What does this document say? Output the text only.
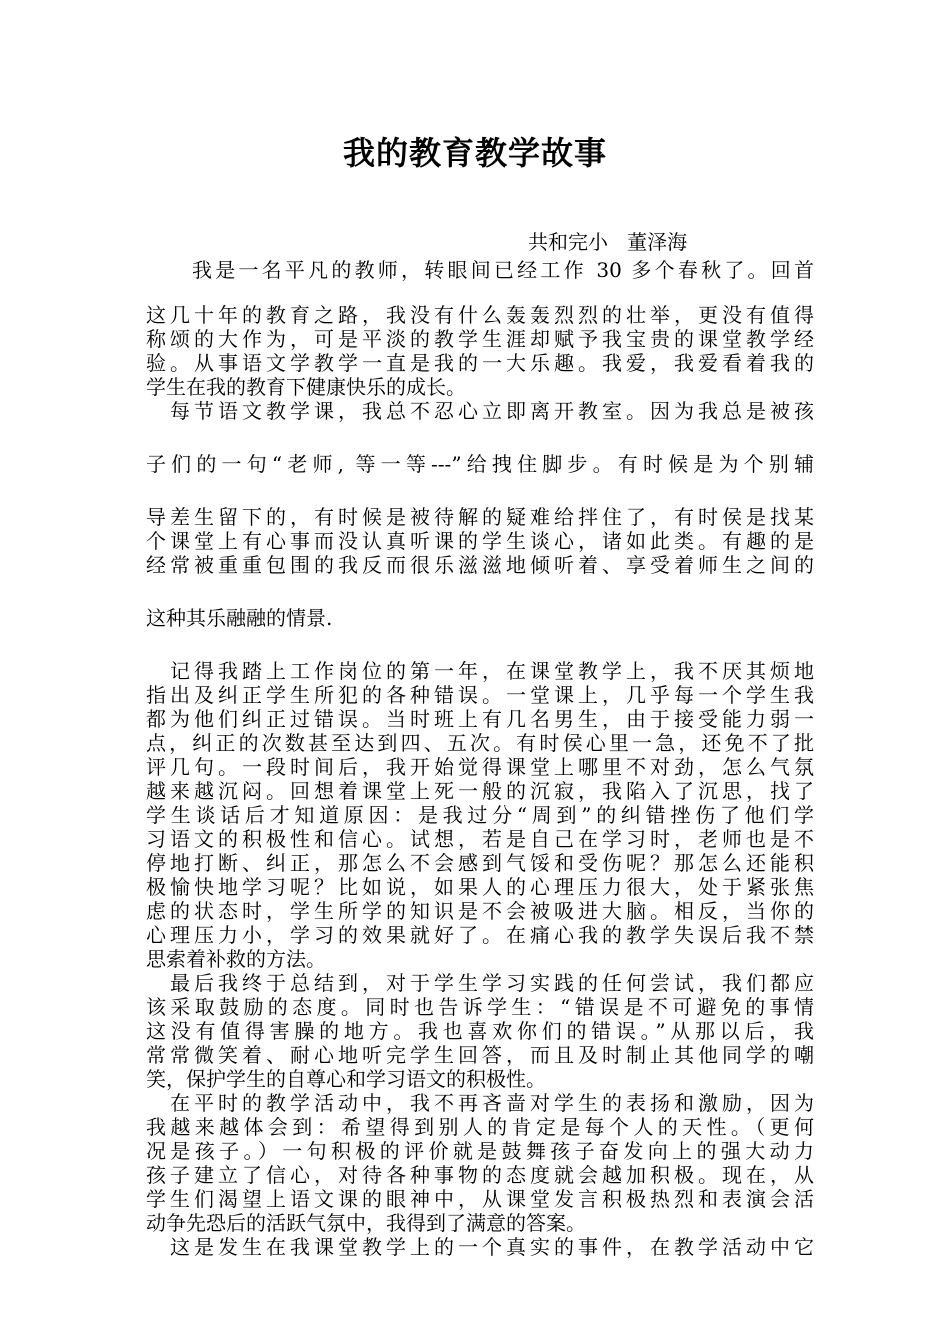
我的教育教学故事
共和完小   董泽海
我是一名平凡的教师，转眼间已经工作 30 多个春秋了。回首
这几十年的教育之路，我没有什么轰轰烈烈的壮举，更没有值得
称颂的大作为，可是平淡的教学生涯却赋予我宝贵的课堂教学经
验。从事语文学教学一直是我的一大乐趣。我爱，我爱看着我的
学生在我的教育下健康快乐的成长。
每节语文教学课，我总不忍心立即离开教室。因为我总是被孩
子们的一句“老师, 等一等---”给拽住脚步。有时候是为个别辅
导差生留下的，有时候是被待解的疑难给拌住了，有时侯是找某
个课堂上有心事而没认真听课的学生谈心，诸如此类。有趣的是
经常被重重包围的我反而很乐滋滋地倾听着、享受着师生之间的
这种其乐融融的情景.
记得我踏上工作岗位的第一年，在课堂教学上，我不厌其烦地
指出及纠正学生所犯的各种错误。一堂课上，几乎每一个学生我
都为他们纠正过错误。当时班上有几名男生，由于接受能力弱一
点，纠正的次数甚至达到四、五次。有时侯心里一急，还免不了批
评几句。一段时间后，我开始觉得课堂上哪里不对劲，怎么气氛
越来越沉闷。回想着课堂上死一般的沉寂，我陷入了沉思，找了
学生谈话后才知道原因：是我过分“周到”的纠错挫伤了他们学
习语文的积极性和信心。试想，若是自己在学习时，老师也是不
停地打断、纠正，那怎么不会感到气馁和受伤呢？那怎么还能积
极愉快地学习呢？比如说，如果人的心理压力很大，处于紧张焦
虑的状态时，学生所学的知识是不会被吸进大脑。相反，当你的
心理压力小，学习的效果就好了。在痛心我的教学失误后我不禁
思索着补救的方法。
最后我终于总结到，对于学生学习实践的任何尝试，我们都应
该采取鼓励的态度。同时也告诉学生：“错误是不可避免的事情
这没有值得害臊的地方。我也喜欢你们的错误。”从那以后，我
常常微笑着、耐心地听完学生回答，而且及时制止其他同学的嘲
笑，保护学生的自尊心和学习语文的积极性。
在平时的教学活动中，我不再吝啬对学生的表扬和激励，因为
我越来越体会到：希望得到别人的肯定是每个人的天性。（更何
况是孩子。）一句积极的评价就是鼓舞孩子奋发向上的强大动力
孩子建立了信心，对待各种事物的态度就会越加积极。现在，从
学生们渴望上语文课的眼神中，从课堂发言积极热烈和表演会活
动争先恐后的活跃气氛中，我得到了满意的答案。
这是发生在我课堂教学上的一个真实的事件，在教学活动中它
